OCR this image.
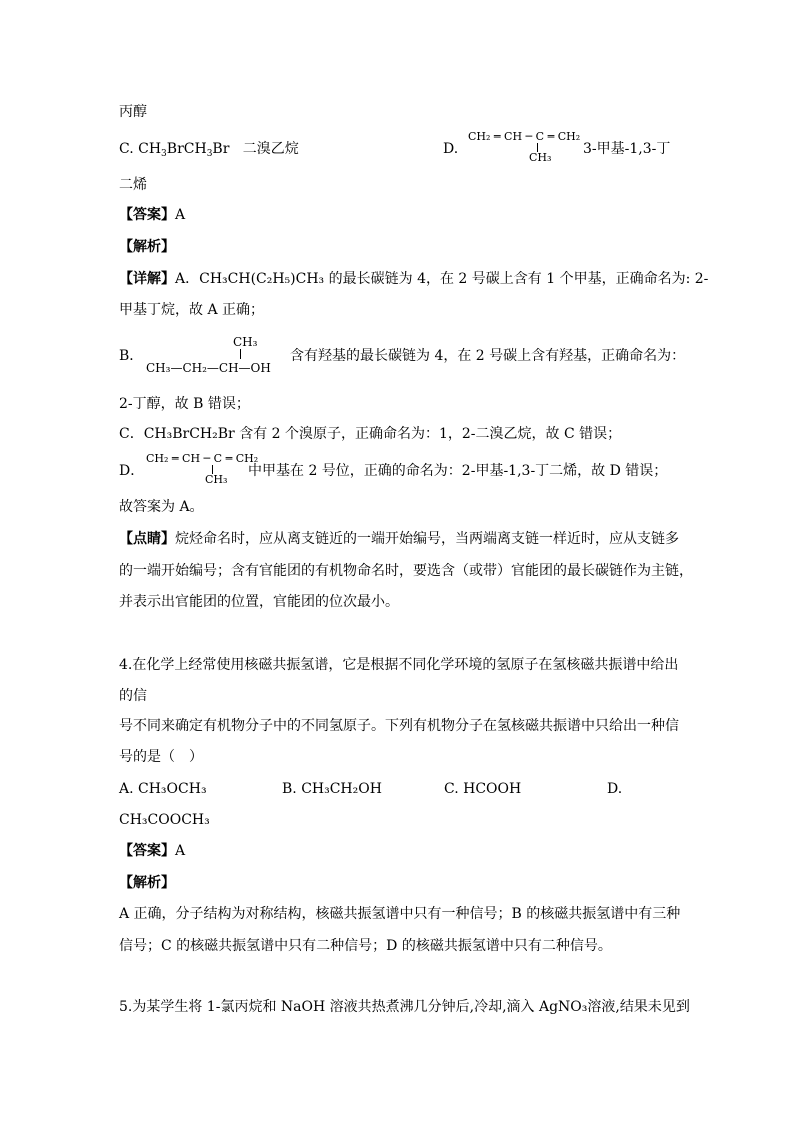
丙醇
C. $CH_3BrCH_3Br$ 二溴乙烷	D.
CH₂ ═ CH ─ C ═ CH₂
CH₃
3-甲基-1,3-丁
二烯
【答案】A
【解析】
【详解】A．CH₃CH(C₂H₅)CH₃ 的最长碳链为 4，在 2 号碳上含有 1 个甲基，正确命名为: 2-
甲基丁烷，故 A 正确；
B．
CH₃
CH₃—CH₂—CH—OH
含有羟基的最长碳链为 4，在 2 号碳上含有羟基，正确命名为：
2-丁醇，故 B 错误；
C．CH₃BrCH₂Br 含有 2 个溴原子，正确命名为：1，2-二溴乙烷，故 C 错误；
D．
CH₂ ═ CH ─ C ═ CH₂
CH₃
中甲基在 2 号位，正确的命名为：2-甲基-1,3-丁二烯，故 D 错误；
故答案为 A。
【点睛】烷烃命名时，应从离支链近的一端开始编号，当两端离支链一样近时，应从支链多
的一端开始编号；含有官能团的有机物命名时，要选含（或带）官能团的最长碳链作为主链，
并表示出官能团的位置，官能团的位次最小。
4.在化学上经常使用核磁共振氢谱，它是根据不同化学环境的氢原子在氢核磁共振谱中给出
的信
号不同来确定有机物分子中的不同氢原子。下列有机物分子在氢核磁共振谱中只给出一种信
号的是（　）
A. CH₃OCH₃	B. CH₃CH₂OH	C. HCOOH	D.
CH₃COOCH₃
【答案】A
【解析】
A 正确，分子结构为对称结构，核磁共振氢谱中只有一种信号；B 的核磁共振氢谱中有三种
信号；C 的核磁共振氢谱中只有二种信号；D 的核磁共振氢谱中只有二种信号。
5.为某学生将 1-氯丙烷和 NaOH 溶液共热煮沸几分钟后,冷却,滴入 AgNO₃溶液,结果未见到
